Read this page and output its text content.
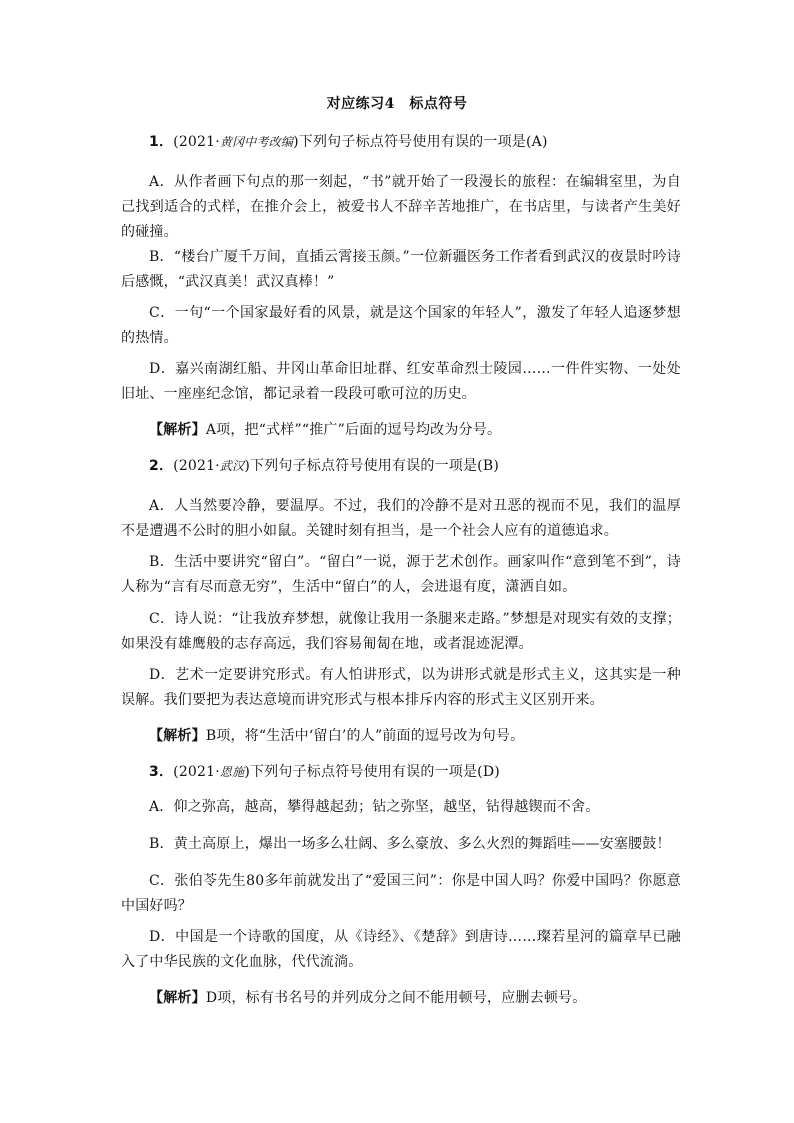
对应练习4　标点符号
1．(2021·黄冈中考改编)下列句子标点符号使用有误的一项是(A)
A．从作者画下句点的那一刻起，“书”就开始了一段漫长的旅程：在编辑室里，为自己找到适合的式样，在推介会上，被爱书人不辞辛苦地推广，在书店里，与读者产生美好的碰撞。
B．“楼台广厦千万间，直插云霄接玉颜。”一位新疆医务工作者看到武汉的夜景时吟诗后感慨，“武汉真美！武汉真棒！”
C．一句“一个国家最好看的风景，就是这个国家的年轻人”，激发了年轻人追逐梦想的热情。
D．嘉兴南湖红船、井冈山革命旧址群、红安革命烈士陵园……一件件实物、一处处旧址、一座座纪念馆，都记录着一段段可歌可泣的历史。
【解析】A项，把“式样”“推广”后面的逗号均改为分号。
2．(2021·武汉)下列句子标点符号使用有误的一项是(B)
A．人当然要冷静，要温厚。不过，我们的冷静不是对丑恶的视而不见，我们的温厚不是遭遇不公时的胆小如鼠。关键时刻有担当，是一个社会人应有的道德追求。
B．生活中要讲究“留白”。“留白”一说，源于艺术创作。画家叫作“意到笔不到”，诗人称为“言有尽而意无穷”，生活中“留白”的人，会进退有度，潇洒自如。
C．诗人说：“让我放弃梦想，就像让我用一条腿来走路。”梦想是对现实有效的支撑；如果没有雄鹰般的志存高远，我们容易匍匐在地，或者混迹泥潭。
D．艺术一定要讲究形式。有人怕讲形式，以为讲形式就是形式主义，这其实是一种误解。我们要把为表达意境而讲究形式与根本排斥内容的形式主义区别开来。
【解析】B项，将“生活中‘留白’的人”前面的逗号改为句号。
3．(2021·恩施)下列句子标点符号使用有误的一项是(D)
A．仰之弥高，越高，攀得越起劲；钻之弥坚，越坚，钻得越锲而不舍。
B．黄土高原上，爆出一场多么壮阔、多么豪放、多么火烈的舞蹈哇——安塞腰鼓！
C．张伯苓先生80多年前就发出了“爱国三问”：你是中国人吗？你爱中国吗？你愿意中国好吗？
D．中国是一个诗歌的国度，从《诗经》、《楚辞》到唐诗……璨若星河的篇章早已融入了中华民族的文化血脉，代代流淌。
【解析】D项，标有书名号的并列成分之间不能用顿号，应删去顿号。
